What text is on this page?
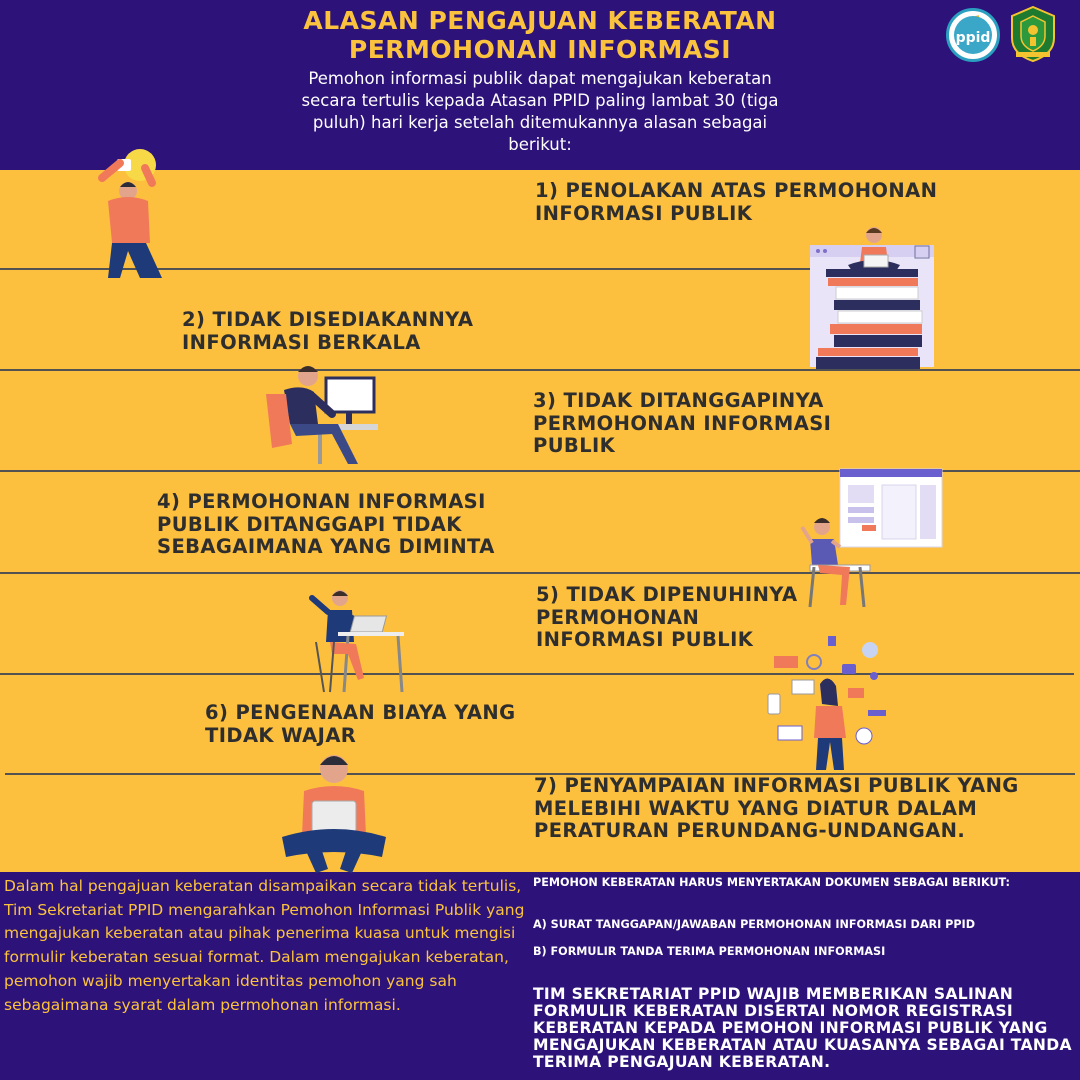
ALASAN PENGAJUAN KEBERATAN PERMOHONAN INFORMASI
Pemohon informasi publik dapat mengajukan keberatan secara tertulis kepada Atasan PPID paling lambat 30 (tiga puluh) hari kerja setelah ditemukannya alasan sebagai berikut:
ppid
1) PENOLAKAN ATAS PERMOHONAN INFORMASI PUBLIK
2) TIDAK DISEDIAKANNYA INFORMASI BERKALA
3) TIDAK DITANGGAPINYA PERMOHONAN INFORMASI PUBLIK
4) PERMOHONAN INFORMASI PUBLIK DITANGGAPI TIDAK SEBAGAIMANA YANG DIMINTA
5) TIDAK DIPENUHINYA PERMOHONAN INFORMASI PUBLIK
6) PENGENAAN BIAYA YANG TIDAK WAJAR
7) PENYAMPAIAN INFORMASI PUBLIK YANG MELEBIHI WAKTU YANG DIATUR DALAM PERATURAN PERUNDANG-UNDANGAN.
Dalam hal pengajuan keberatan disampaikan secara tidak tertulis, Tim Sekretariat PPID mengarahkan Pemohon Informasi Publik yang mengajukan keberatan atau pihak penerima kuasa untuk mengisi formulir keberatan sesuai format. Dalam mengajukan keberatan, pemohon wajib menyertakan identitas pemohon yang sah sebagaimana syarat dalam permohonan informasi.
PEMOHON KEBERATAN HARUS MENYERTAKAN DOKUMEN SEBAGAI BERIKUT:
A) SURAT TANGGAPAN/JAWABAN PERMOHONAN INFORMASI DARI PPID
B) FORMULIR TANDA TERIMA PERMOHONAN INFORMASI
TIM SEKRETARIAT PPID WAJIB MEMBERIKAN SALINAN FORMULIR KEBERATAN DISERTAI NOMOR REGISTRASI KEBERATAN KEPADA PEMOHON INFORMASI PUBLIK YANG MENGAJUKAN KEBERATAN ATAU KUASANYA SEBAGAI TANDA TERIMA PENGAJUAN KEBERATAN.
